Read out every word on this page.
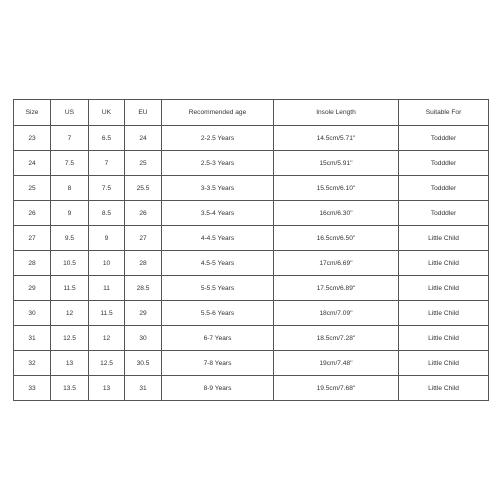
Size	US	UK	EU	Recommended age	Insole Length	Suitable For
23	7	6.5	24	2-2.5 Years	14.5cm/5.71''	Todddler
24	7.5	7	25	2.5-3 Years	15cm/5.91''	Todddler
25	8	7.5	25.5	3-3.5 Years	15.5cm/6.10''	Todddler
26	9	8.5	26	3.5-4 Years	16cm/6.30''	Todddler
27	9.5	9	27	4-4.5 Years	16.5cm/6.50''	Little Child
28	10.5	10	28	4.5-5 Years	17cm/6.69''	Little Child
29	11.5	11	28.5	5-5.5 Years	17.5cm/6.89''	Little Child
30	12	11.5	29	5.5-6 Years	18cm/7.09''	Little Child
31	12.5	12	30	6-7 Years	18.5cm/7.28''	Little Child
32	13	12.5	30.5	7-8 Years	19cm/7.48''	Little Child
33	13.5	13	31	8-9 Years	19.5cm/7.68''	Little Child
